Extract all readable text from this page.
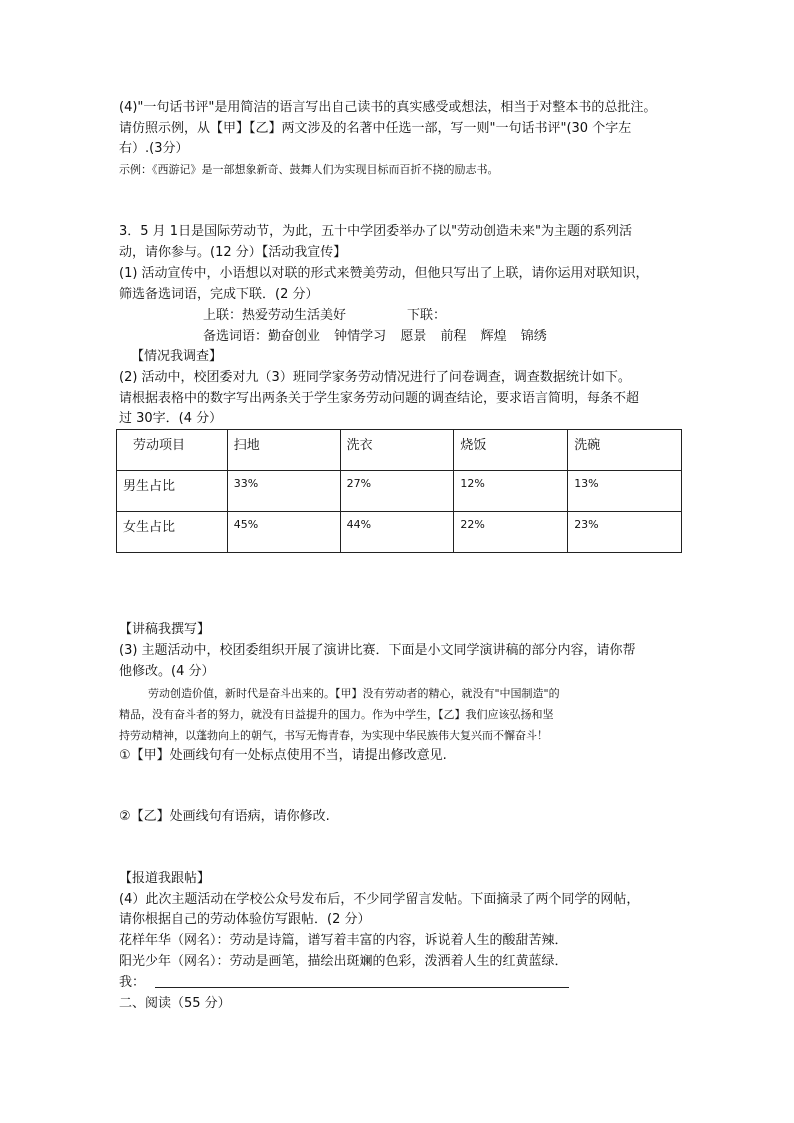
(4)"一句话书评"是用简洁的语言写出自己读书的真实感受或想法，相当于对整本书的总批注。
请仿照示例，从【甲】【乙】两文涉及的名著中任选一部，写一则"一句话书评"(30 个字左
右）.(3分）
示例：《西游记》是一部想象新奇、鼓舞人们为实现目标而百折不挠的励志书。
3．5 月 1日是国际劳动节，为此，五十中学团委举办了以"劳动创造未来"为主题的系列活
动，请你参与。(12 分）【活动我宣传】
(1) 活动宣传中，小语想以对联的形式来赞美劳动，但他只写出了上联，请你运用对联知识，
筛选备选词语，完成下联．(2 分）
上联：热爱劳动生活美好	下联：
备选词语：勤奋创业 钟情学习 愿景 前程 辉煌 锦绣
【情况我调查】
(2) 活动中，校团委对九（3）班同学家务劳动情况进行了问卷调查，调查数据统计如下。
请根据表格中的数字写出两条关于学生家务劳动问题的调查结论，要求语言简明，每条不超
过 30字．(4 分）
劳动项目	扫地	洗衣	烧饭	洗碗
男生占比	33%	27%	12%	13%
女生占比	45%	44%	22%	23%
【讲稿我撰写】
(3) 主题活动中，校团委组织开展了演讲比赛．下面是小文同学演讲稿的部分内容，请你帮
他修改。(4 分）
劳动创造价值，新时代是奋斗出来的。【甲】没有劳动者的精心，就没有"中国制造"的
精品，没有奋斗者的努力，就没有日益提升的国力。作为中学生，【乙】我们应该弘扬和坚
持劳动精神，以蓬勃向上的朝气，书写无悔青春，为实现中华民族伟大复兴而不懈奋斗！
①【甲】处画线句有一处标点使用不当，请提出修改意见.
②【乙】处画线句有语病，请你修改.
【报道我跟帖】
(4）此次主题活动在学校公众号发布后，不少同学留言发帖。下面摘录了两个同学的网帖，
请你根据自己的劳动体验仿写跟帖．(2 分）
花样年华（网名）：劳动是诗篇，谱写着丰富的内容，诉说着人生的酸甜苦辣．
阳光少年（网名）：劳动是画笔，描绘出斑斓的色彩，泼洒着人生的红黄蓝绿．
我：
二、阅读（55 分）
